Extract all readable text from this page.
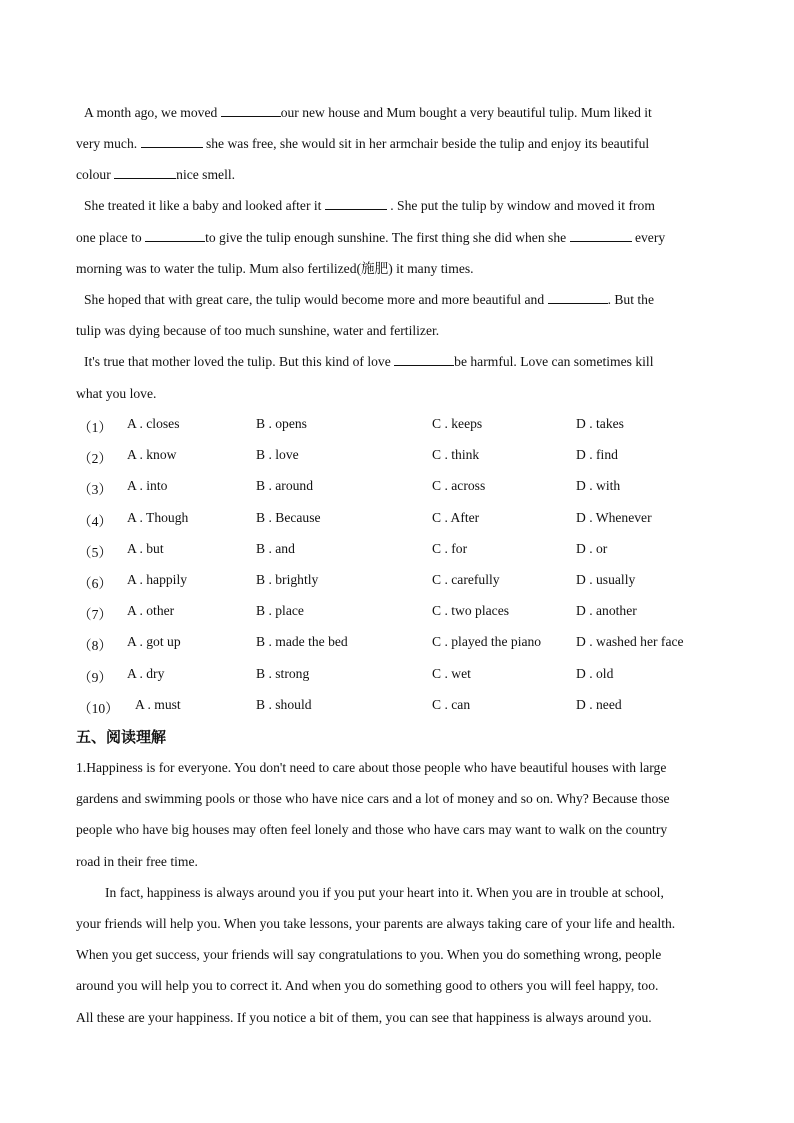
A month ago, we moved	our new house and Mum bought a very beautiful tulip. Mum liked it
very much.	she was free, she would sit in her armchair beside the tulip and enjoy its beautiful
colour	nice smell.
She treated it like a baby and looked after it	. She put the tulip by window and moved it from
one place to	to give the tulip enough sunshine. The first thing she did when she	every
morning was to water the tulip. Mum also fertilized(施肥) it many times.
She hoped that with great care, the tulip would become more and more beautiful and	. But the
tulip was dying because of too much sunshine, water and fertilizer.
It's true that mother loved the tulip. But this kind of love	be harmful. Love can sometimes kill
what you love.
（1） A . closes	B . opens	C . keeps	D . takes
（2） A . know	B . love	C . think	D . find
（3） A . into	B . around	C . across	D . with
（4） A . Though	B . Because	C . After	D . Whenever
（5） A . but	B . and	C . for	D . or
（6） A . happily	B . brightly	C . carefully	D . usually
（7） A . other	B . place	C . two places	D . another
（8） A . got up	B . made the bed	C . played the piano	D . washed her face
（9） A . dry	B . strong	C . wet	D . old
（10） A . must	B . should	C . can	D . need
五、阅读理解
1.Happiness is for everyone. You don't need to care about those people who have beautiful houses with large
gardens and swimming pools or those who have nice cars and a lot of money and so on. Why? Because those
people who have big houses may often feel lonely and those who have cars may want to walk on the country
road in their free time.
In fact, happiness is always around you if you put your heart into it. When you are in trouble at school,
your friends will help you. When you take lessons, your parents are always taking care of your life and health.
When you get success, your friends will say congratulations to you. When you do something wrong, people
around you will help you to correct it. And when you do something good to others you will feel happy, too.
All these are your happiness. If you notice a bit of them, you can see that happiness is always around you.
